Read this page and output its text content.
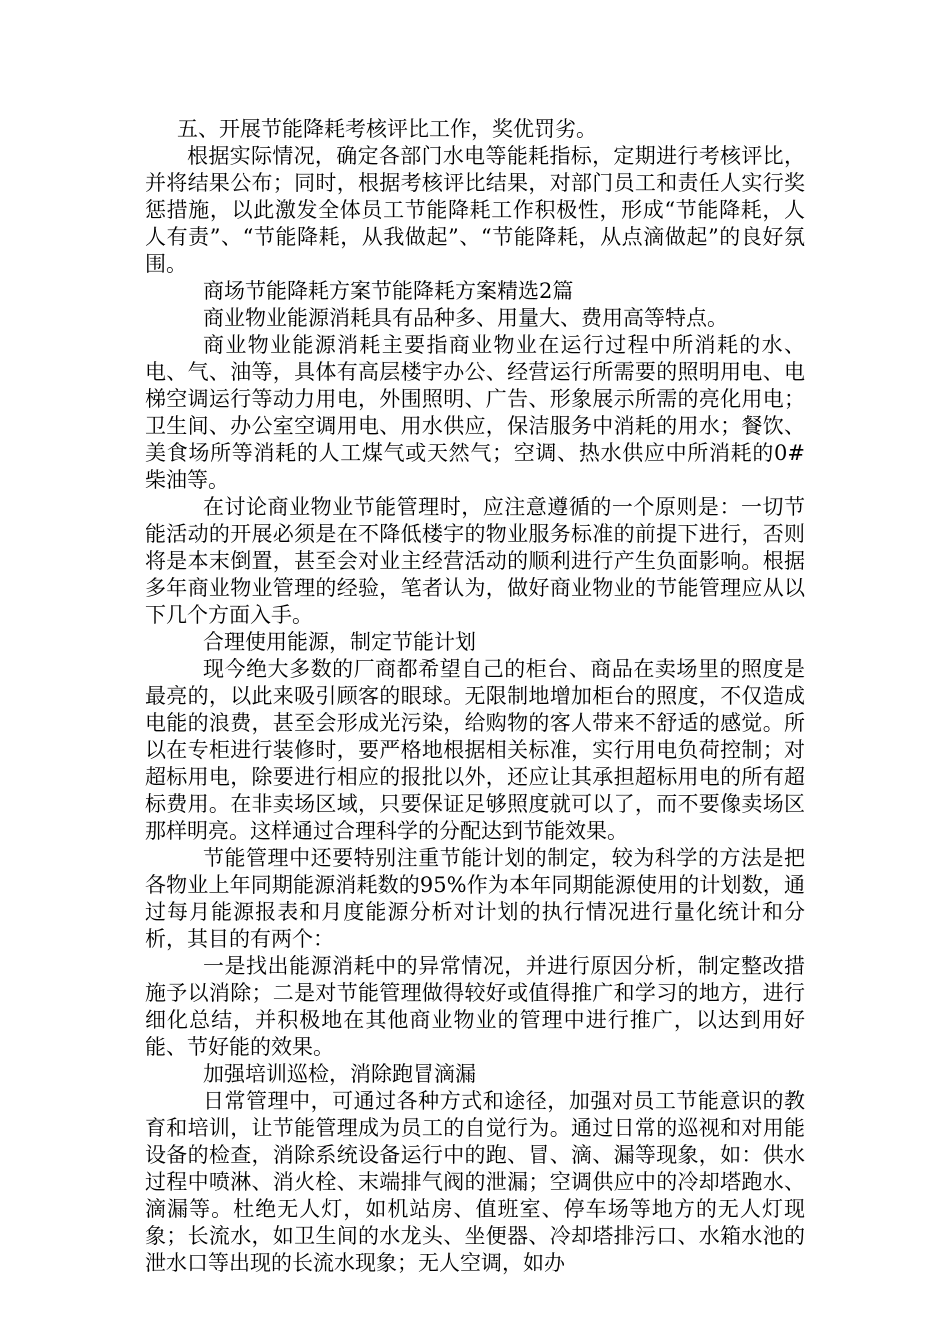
五、开展节能降耗考核评比工作，奖优罚劣。

根据实际情况，确定各部门水电等能耗指标，定期进行考核评比，并将结果公布；同时，根据考核评比结果，对部门员工和责任人实行奖惩措施，以此激发全体员工节能降耗工作积极性，形成“节能降耗，人人有责”、“节能降耗，从我做起”、“节能降耗，从点滴做起”的良好氛围。

商场节能降耗方案节能降耗方案精选2篇

商业物业能源消耗具有品种多、用量大、费用高等特点。

商业物业能源消耗主要指商业物业在运行过程中所消耗的水、电、气、油等，具体有高层楼宇办公、经营运行所需要的照明用电、电梯空调运行等动力用电，外围照明、广告、形象展示所需的亮化用电；卫生间、办公室空调用电、用水供应，保洁服务中消耗的用水；餐饮、美食场所等消耗的人工煤气或天然气；空调、热水供应中所消耗的0#柴油等。

在讨论商业物业节能管理时，应注意遵循的一个原则是：一切节能活动的开展必须是在不降低楼宇的物业服务标准的前提下进行，否则将是本末倒置，甚至会对业主经营活动的顺利进行产生负面影响。根据多年商业物业管理的经验，笔者认为，做好商业物业的节能管理应从以下几个方面入手。

合理使用能源，制定节能计划

现今绝大多数的厂商都希望自己的柜台、商品在卖场里的照度是最亮的，以此来吸引顾客的眼球。无限制地增加柜台的照度，不仅造成电能的浪费，甚至会形成光污染，给购物的客人带来不舒适的感觉。所以在专柜进行装修时，要严格地根据相关标准，实行用电负荷控制；对超标用电，除要进行相应的报批以外，还应让其承担超标用电的所有超标费用。在非卖场区域，只要保证足够照度就可以了，而不要像卖场区那样明亮。这样通过合理科学的分配达到节能效果。

节能管理中还要特别注重节能计划的制定，较为科学的方法是把各物业上年同期能源消耗数的95%作为本年同期能源使用的计划数，通过每月能源报表和月度能源分析对计划的执行情况进行量化统计和分析，其目的有两个：

一是找出能源消耗中的异常情况，并进行原因分析，制定整改措施予以消除；二是对节能管理做得较好或值得推广和学习的地方，进行细化总结，并积极地在其他商业物业的管理中进行推广，以达到用好能、节好能的效果。

加强培训巡检，消除跑冒滴漏

日常管理中，可通过各种方式和途径，加强对员工节能意识的教育和培训，让节能管理成为员工的自觉行为。通过日常的巡视和对用能设备的检查，消除系统设备运行中的跑、冒、滴、漏等现象，如：供水过程中喷淋、消火栓、末端排气阀的泄漏；空调供应中的冷却塔跑水、滴漏等。杜绝无人灯，如机站房、值班室、停车场等地方的无人灯现象；长流水，如卫生间的水龙头、坐便器、冷却塔排污口、水箱水池的泄水口等出现的长流水现象；无人空调，如办
